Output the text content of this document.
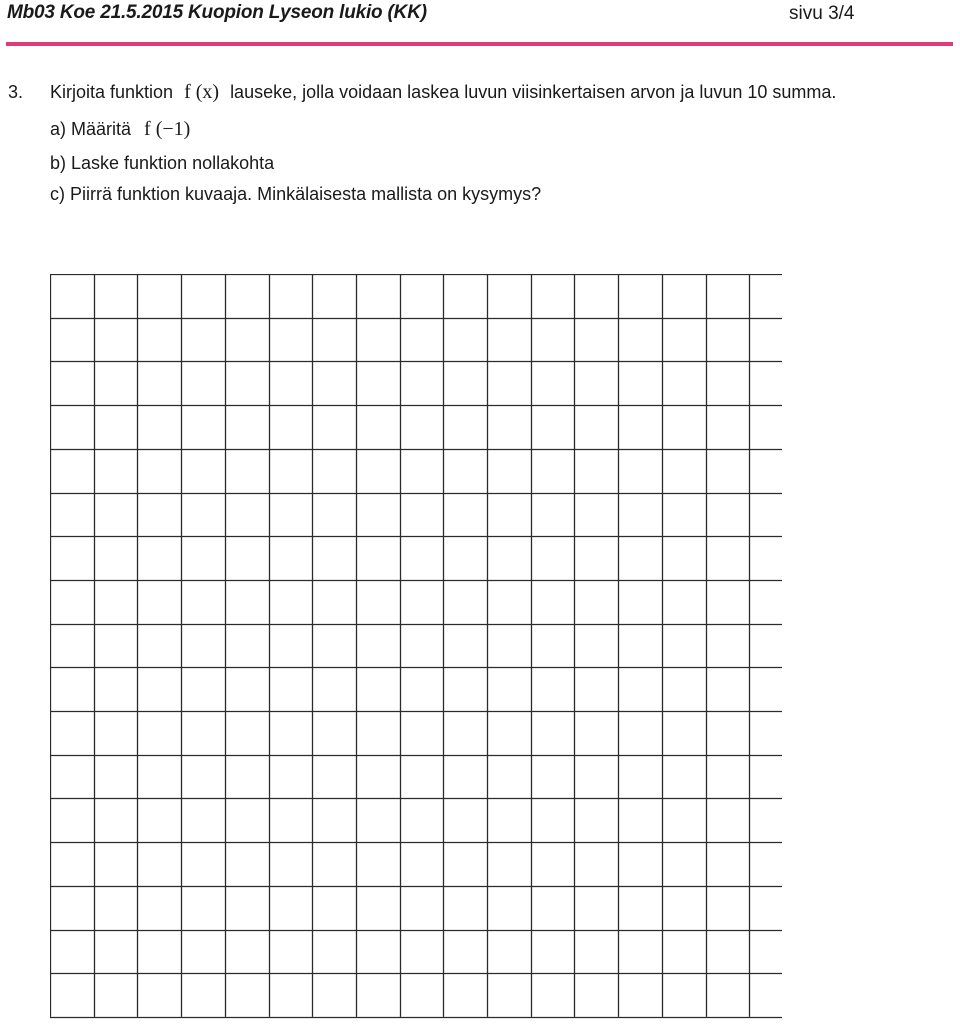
Mb03 Koe 21.5.2015 Kuopion Lyseon lukio (KK)	sivu 3/4
3. Kirjoita funktion f (x) lauseke, jolla voidaan laskea luvun viisinkertaisen arvon ja luvun 10 summa.
a) Määritä f (−1)
b) Laske funktion nollakohta
c) Piirrä funktion kuvaaja. Minkälaisesta mallista on kysymys?
